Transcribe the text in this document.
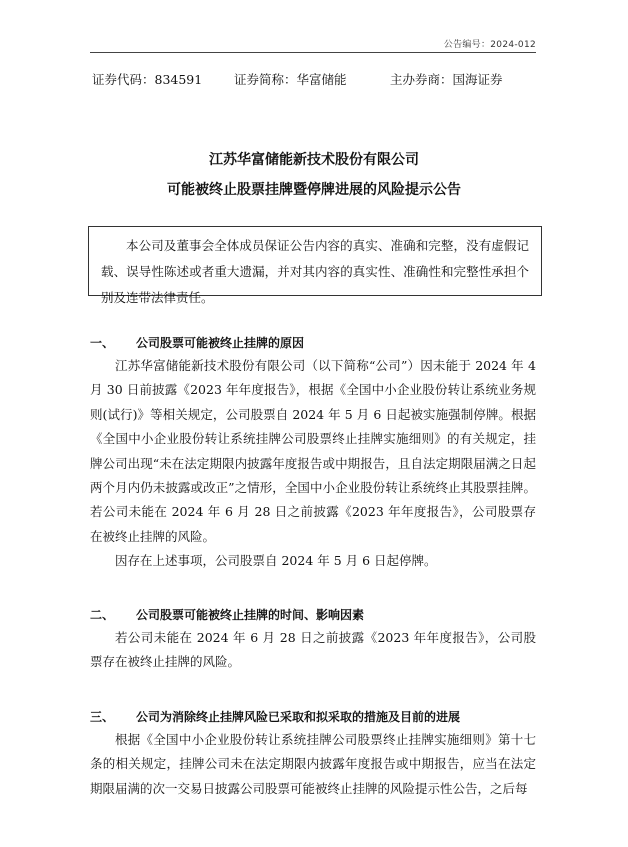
公告编号：2024-012
证券代码：834591	证券简称：华富储能	主办券商：国海证券
江苏华富储能新技术股份有限公司
可能被终止股票挂牌暨停牌进展的风险提示公告
本公司及董事会全体成员保证公告内容的真实、准确和完整，没有虚假记载、误导性陈述或者重大遗漏，并对其内容的真实性、准确性和完整性承担个别及连带法律责任。
一、 公司股票可能被终止挂牌的原因

江苏华富储能新技术股份有限公司（以下简称“公司”）因未能于 2024 年 4 月 30 日前披露《2023 年年度报告》，根据《全国中小企业股份转让系统业务规则(试行)》等相关规定，公司股票自 2024 年 5 月 6 日起被实施强制停牌。根据《全国中小企业股份转让系统挂牌公司股票终止挂牌实施细则》的有关规定，挂牌公司出现“未在法定期限内披露年度报告或中期报告，且自法定期限届满之日起两个月内仍未披露或改正”之情形，全国中小企业股份转让系统终止其股票挂牌。若公司未能在 2024 年 6 月 28 日之前披露《2023 年年度报告》，公司股票存在被终止挂牌的风险。

因存在上述事项，公司股票自 2024 年 5 月 6 日起停牌。

二、 公司股票可能被终止挂牌的时间、影响因素

若公司未能在 2024 年 6 月 28 日之前披露《2023 年年度报告》，公司股票存在被终止挂牌的风险。

三、 公司为消除终止挂牌风险已采取和拟采取的措施及目前的进展

根据《全国中小企业股份转让系统挂牌公司股票终止挂牌实施细则》第十七条的相关规定，挂牌公司未在法定期限内披露年度报告或中期报告，应当在法定期限届满的次一交易日披露公司股票可能被终止挂牌的风险提示性公告，之后每
